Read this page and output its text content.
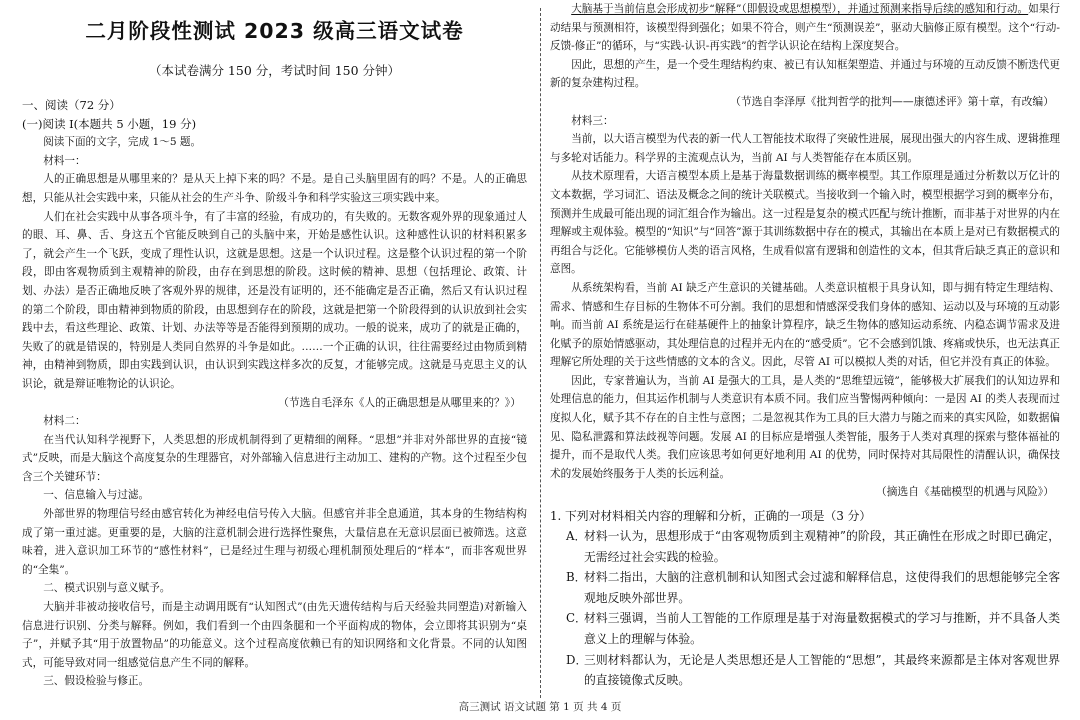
二月阶段性测试 2023 级高三语文试卷
（本试卷满分 150 分，考试时间 150 分钟）
一、阅读（72 分）
(一)阅读 I(本题共 5 小题，19 分)

阅读下面的文字，完成 1～5 题。

材料一：

人的正确思想是从哪里来的？是从天上掉下来的吗？不是。是自己头脑里固有的吗？不是。人的正确思想，只能从社会实践中来，只能从社会的生产斗争、阶级斗争和科学实验这三项实践中来。

人们在社会实践中从事各项斗争，有了丰富的经验，有成功的，有失败的。无数客观外界的现象通过人的眼、耳、鼻、舌、身这五个官能反映到自己的头脑中来，开始是感性认识。这种感性认识的材料积累多了，就会产生一个飞跃，变成了理性认识，这就是思想。这是一个认识过程。这是整个认识过程的第一个阶段，即由客观物质到主观精神的阶段，由存在到思想的阶段。这时候的精神、思想（包括理论、政策、计划、办法）是否正确地反映了客观外界的规律，还是没有证明的，还不能确定是否正确，然后又有认识过程的第二个阶段，即由精神到物质的阶段，由思想到存在的阶段，这就是把第一个阶段得到的认识放到社会实践中去，看这些理论、政策、计划、办法等等是否能得到预期的成功。一般的说来，成功了的就是正确的，失败了的就是错误的，特别是人类同自然界的斗争是如此。……一个正确的认识，往往需要经过由物质到精神，由精神到物质，即由实践到认识，由认识到实践这样多次的反复，才能够完成。这就是马克思主义的认识论，就是辩证唯物论的认识论。

（节选自毛泽东《人的正确思想是从哪里来的？》）

材料二：

在当代认知科学视野下，人类思想的形成机制得到了更精细的阐释。“思想”并非对外部世界的直接“镜式”反映，而是大脑这个高度复杂的生理器官，对外部输入信息进行主动加工、建构的产物。这个过程至少包含三个关键环节：

一、信息输入与过滤。

外部世界的物理信号经由感官转化为神经电信号传入大脑。但感官并非全息通道，其本身的生物结构构成了第一重过滤。更重要的是，大脑的注意机制会进行选择性聚焦，大量信息在无意识层面已被筛选。这意味着，进入意识加工环节的“感性材料”，已是经过生理与初级心理机制预处理后的“样本”，而非客观世界的“全集”。

二、模式识别与意义赋予。

大脑并非被动接收信号，而是主动调用既有“认知图式”(由先天遗传结构与后天经验共同塑造)对新输入信息进行识别、分类与解释。例如，我们看到一个由四条腿和一个平面构成的物体，会立即将其识别为“桌子”，并赋予其“用于放置物品”的功能意义。这个过程高度依赖已有的知识网络和文化背景。不同的认知图式，可能导致对同一组感觉信息产生不同的解释。

三、假设检验与修正。

大脑基于当前信息会形成初步“解释”（即假设或思想模型），并通过预测来指导后续的感知和行动。如果行动结果与预测相符，该模型得到强化；如果不符合，则产生“预测误差”，驱动大脑修正原有模型。这个“行动-反馈-修正”的循环，与“实践-认识-再实践”的哲学认识论在结构上深度契合。

因此，思想的产生，是一个受生理结构约束、被已有认知框架塑造、并通过与环境的互动反馈不断迭代更新的复杂建构过程。

（节选自李泽厚《批判哲学的批判——康德述评》第十章，有改编）

材料三：

当前，以大语言模型为代表的新一代人工智能技术取得了突破性进展，展现出强大的内容生成、逻辑推理与多轮对话能力。科学界的主流观点认为，当前 AI 与人类智能存在本质区别。

从技术原理看，大语言模型本质上是基于海量数据训练的概率模型。其工作原理是通过分析数以万亿计的文本数据，学习词汇、语法及概念之间的统计关联模式。当接收到一个输入时，模型根据学习到的概率分布，预测并生成最可能出现的词汇组合作为输出。这一过程是复杂的模式匹配与统计推断，而非基于对世界的内在理解或主观体验。模型的“知识”与“回答”源于其训练数据中存在的模式，其输出在本质上是对已有数据模式的再组合与泛化。它能够模仿人类的语言风格，生成看似富有逻辑和创造性的文本，但其背后缺乏真正的意识和意图。

从系统架构看，当前 AI 缺乏产生意识的关键基础。人类意识植根于具身认知，即与拥有特定生理结构、需求、情感和生存目标的生物体不可分割。我们的思想和情感深受我们身体的感知、运动以及与环境的互动影响。而当前 AI 系统是运行在硅基硬件上的抽象计算程序，缺乏生物体的感知运动系统、内稳态调节需求及进化赋予的原始情感驱动，其处理信息的过程并无内在的“感受质”。它不会感到饥饿、疼痛或快乐，也无法真正理解它所处理的关于这些情感的文本的含义。因此，尽管 AI 可以模拟人类的对话，但它并没有真正的体验。

因此，专家普遍认为，当前 AI 是强大的工具，是人类的“思维望远镜”，能够极大扩展我们的认知边界和处理信息的能力，但其运作机制与人类意识有本质不同。我们应当警惕两种倾向：一是因 AI 的类人表现而过度拟人化，赋予其不存在的自主性与意图；二是忽视其作为工具的巨大潜力与随之而来的真实风险，如数据偏见、隐私泄露和算法歧视等问题。发展 AI 的目标应是增强人类智能，服务于人类对真理的探索与整体福祉的提升，而不是取代人类。我们应该思考如何更好地利用 AI 的优势，同时保持对其局限性的清醒认识，确保技术的发展始终服务于人类的长远利益。

（摘选自《基础模型的机遇与风险》）

1. 下列对材料相关内容的理解和分析，正确的一项是（3 分）
A．
材料一认为，思想形成于“由客观物质到主观精神”的阶段，其正确性在形成之时即已确定，无需经过社会实践的检验。
B．
材料二指出，大脑的注意机制和认知图式会过滤和解释信息，这使得我们的思想能够完全客观地反映外部世界。
C．
材料三强调，当前人工智能的工作原理是基于对海量数据模式的学习与推断，并不具备人类意义上的理解与体验。
D．
三则材料都认为，无论是人类思想还是人工智能的“思想”，其最终来源都是主体对客观世界的直接镜像式反映。
高三测试 语文试题 第 1 页 共 4 页
